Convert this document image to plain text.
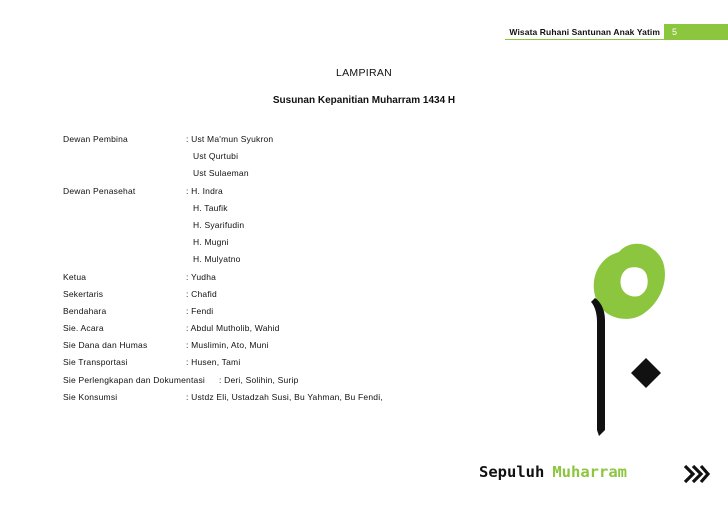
Wisata Ruhani Santunan Anak Yatim	5
LAMPIRAN
Susunan Kepanitian Muharram 1434 H
Dewan Pembina	: Ust Ma'mun Syukron
Ust Qurtubi
Ust Sulaeman
Dewan Penasehat	: H. Indra
H. Taufik
H. Syarifudin
H. Mugni
H. Mulyatno
Ketua	: Yudha
Sekertaris	: Chafid
Bendahara	: Fendi
Sie. Acara	: Abdul Mutholib, Wahid
Sie Dana dan Humas	: Muslimin, Ato, Muni
Sie Transportasi	: Husen, Tami
Sie Perlengkapan dan Dokumentasi : Deri, Solihin, Surip
Sie Konsumsi	: Ustdz Eli, Ustadzah Susi, Bu Yahman, Bu Fendi,
Sepuluh Muharram
